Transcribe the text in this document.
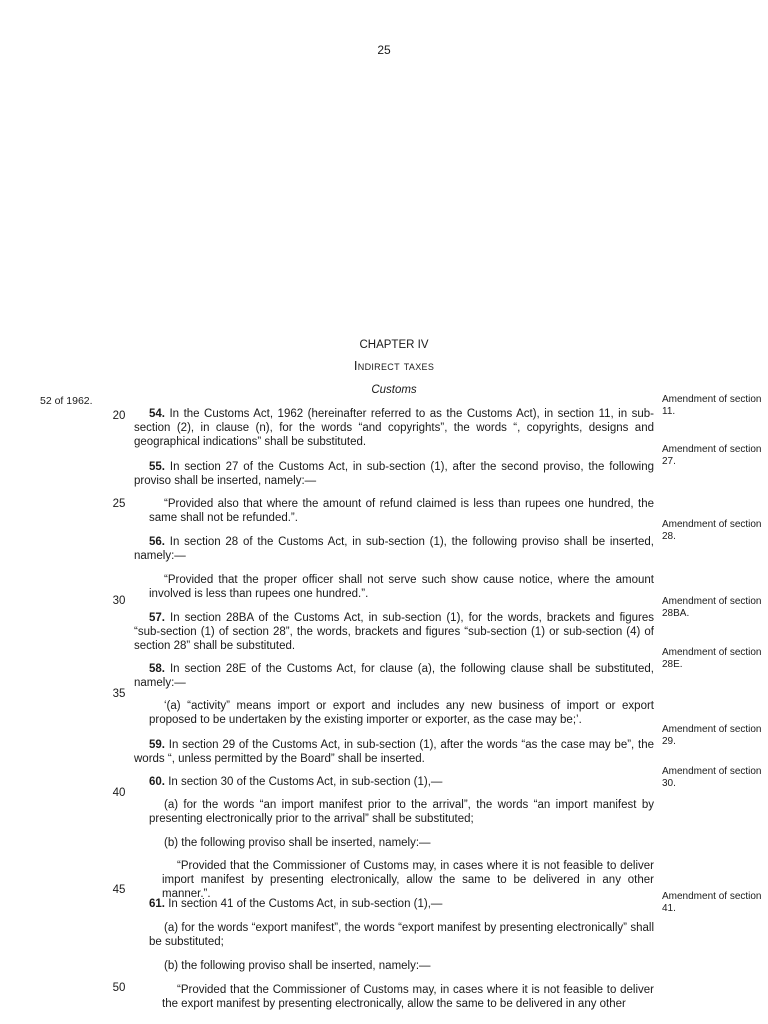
25
CHAPTER IV
Indirect taxes
Customs
52 of 1962.
20
25
30
35
40
45
50
Amendment of section 11.
Amendment of section 27.
Amendment of section 28.
Amendment of section 28BA.
Amendment of section 28E.
Amendment of section 29.
Amendment of section 30.
Amendment of section 41.
54. In the Customs Act, 1962 (hereinafter referred to as the Customs Act), in section 11, in sub-section (2), in clause (n), for the words “and copyrights”, the words “, copyrights, designs and geographical indications” shall be substituted.
55. In section 27 of the Customs Act, in sub-section (1), after the second proviso, the following proviso shall be inserted, namely:—
“Provided also that where the amount of refund claimed is less than rupees one hundred, the same shall not be refunded.”.
56. In section 28 of the Customs Act, in sub-section (1), the following proviso shall be inserted, namely:—
“Provided that the proper officer shall not serve such show cause notice, where the amount involved is less than rupees one hundred.”.
57. In section 28BA of the Customs Act, in sub-section (1), for the words, brackets and figures “sub-section (1) of section 28”, the words, brackets and figures “sub-section (1) or sub-section (4) of section 28” shall be substituted.
58. In section 28E of the Customs Act, for clause (a), the following clause shall be substituted, namely:—
‘(a) “activity” means import or export and includes any new business of import or export proposed to be undertaken by the existing importer or exporter, as the case may be;’.
59. In section 29 of the Customs Act, in sub-section (1), after the words “as the case may be”, the words “, unless permitted by the Board” shall be inserted.
60. In section 30 of the Customs Act, in sub-section (1),—
(a) for the words “an import manifest prior to the arrival”, the words “an import manifest by presenting electronically prior to the arrival” shall be substituted;
(b) the following proviso shall be inserted, namely:—
“Provided that the Commissioner of Customs may, in cases where it is not feasible to deliver import manifest by presenting electronically, allow the same to be delivered in any other manner.”.
61. In section 41 of the Customs Act, in sub-section (1),—
(a) for the words “export manifest”, the words “export manifest by presenting electronically” shall be substituted;
(b) the following proviso shall be inserted, namely:—
“Provided that the Commissioner of Customs may, in cases where it is not feasible to deliver the export manifest by presenting electronically, allow the same to be delivered in any other
